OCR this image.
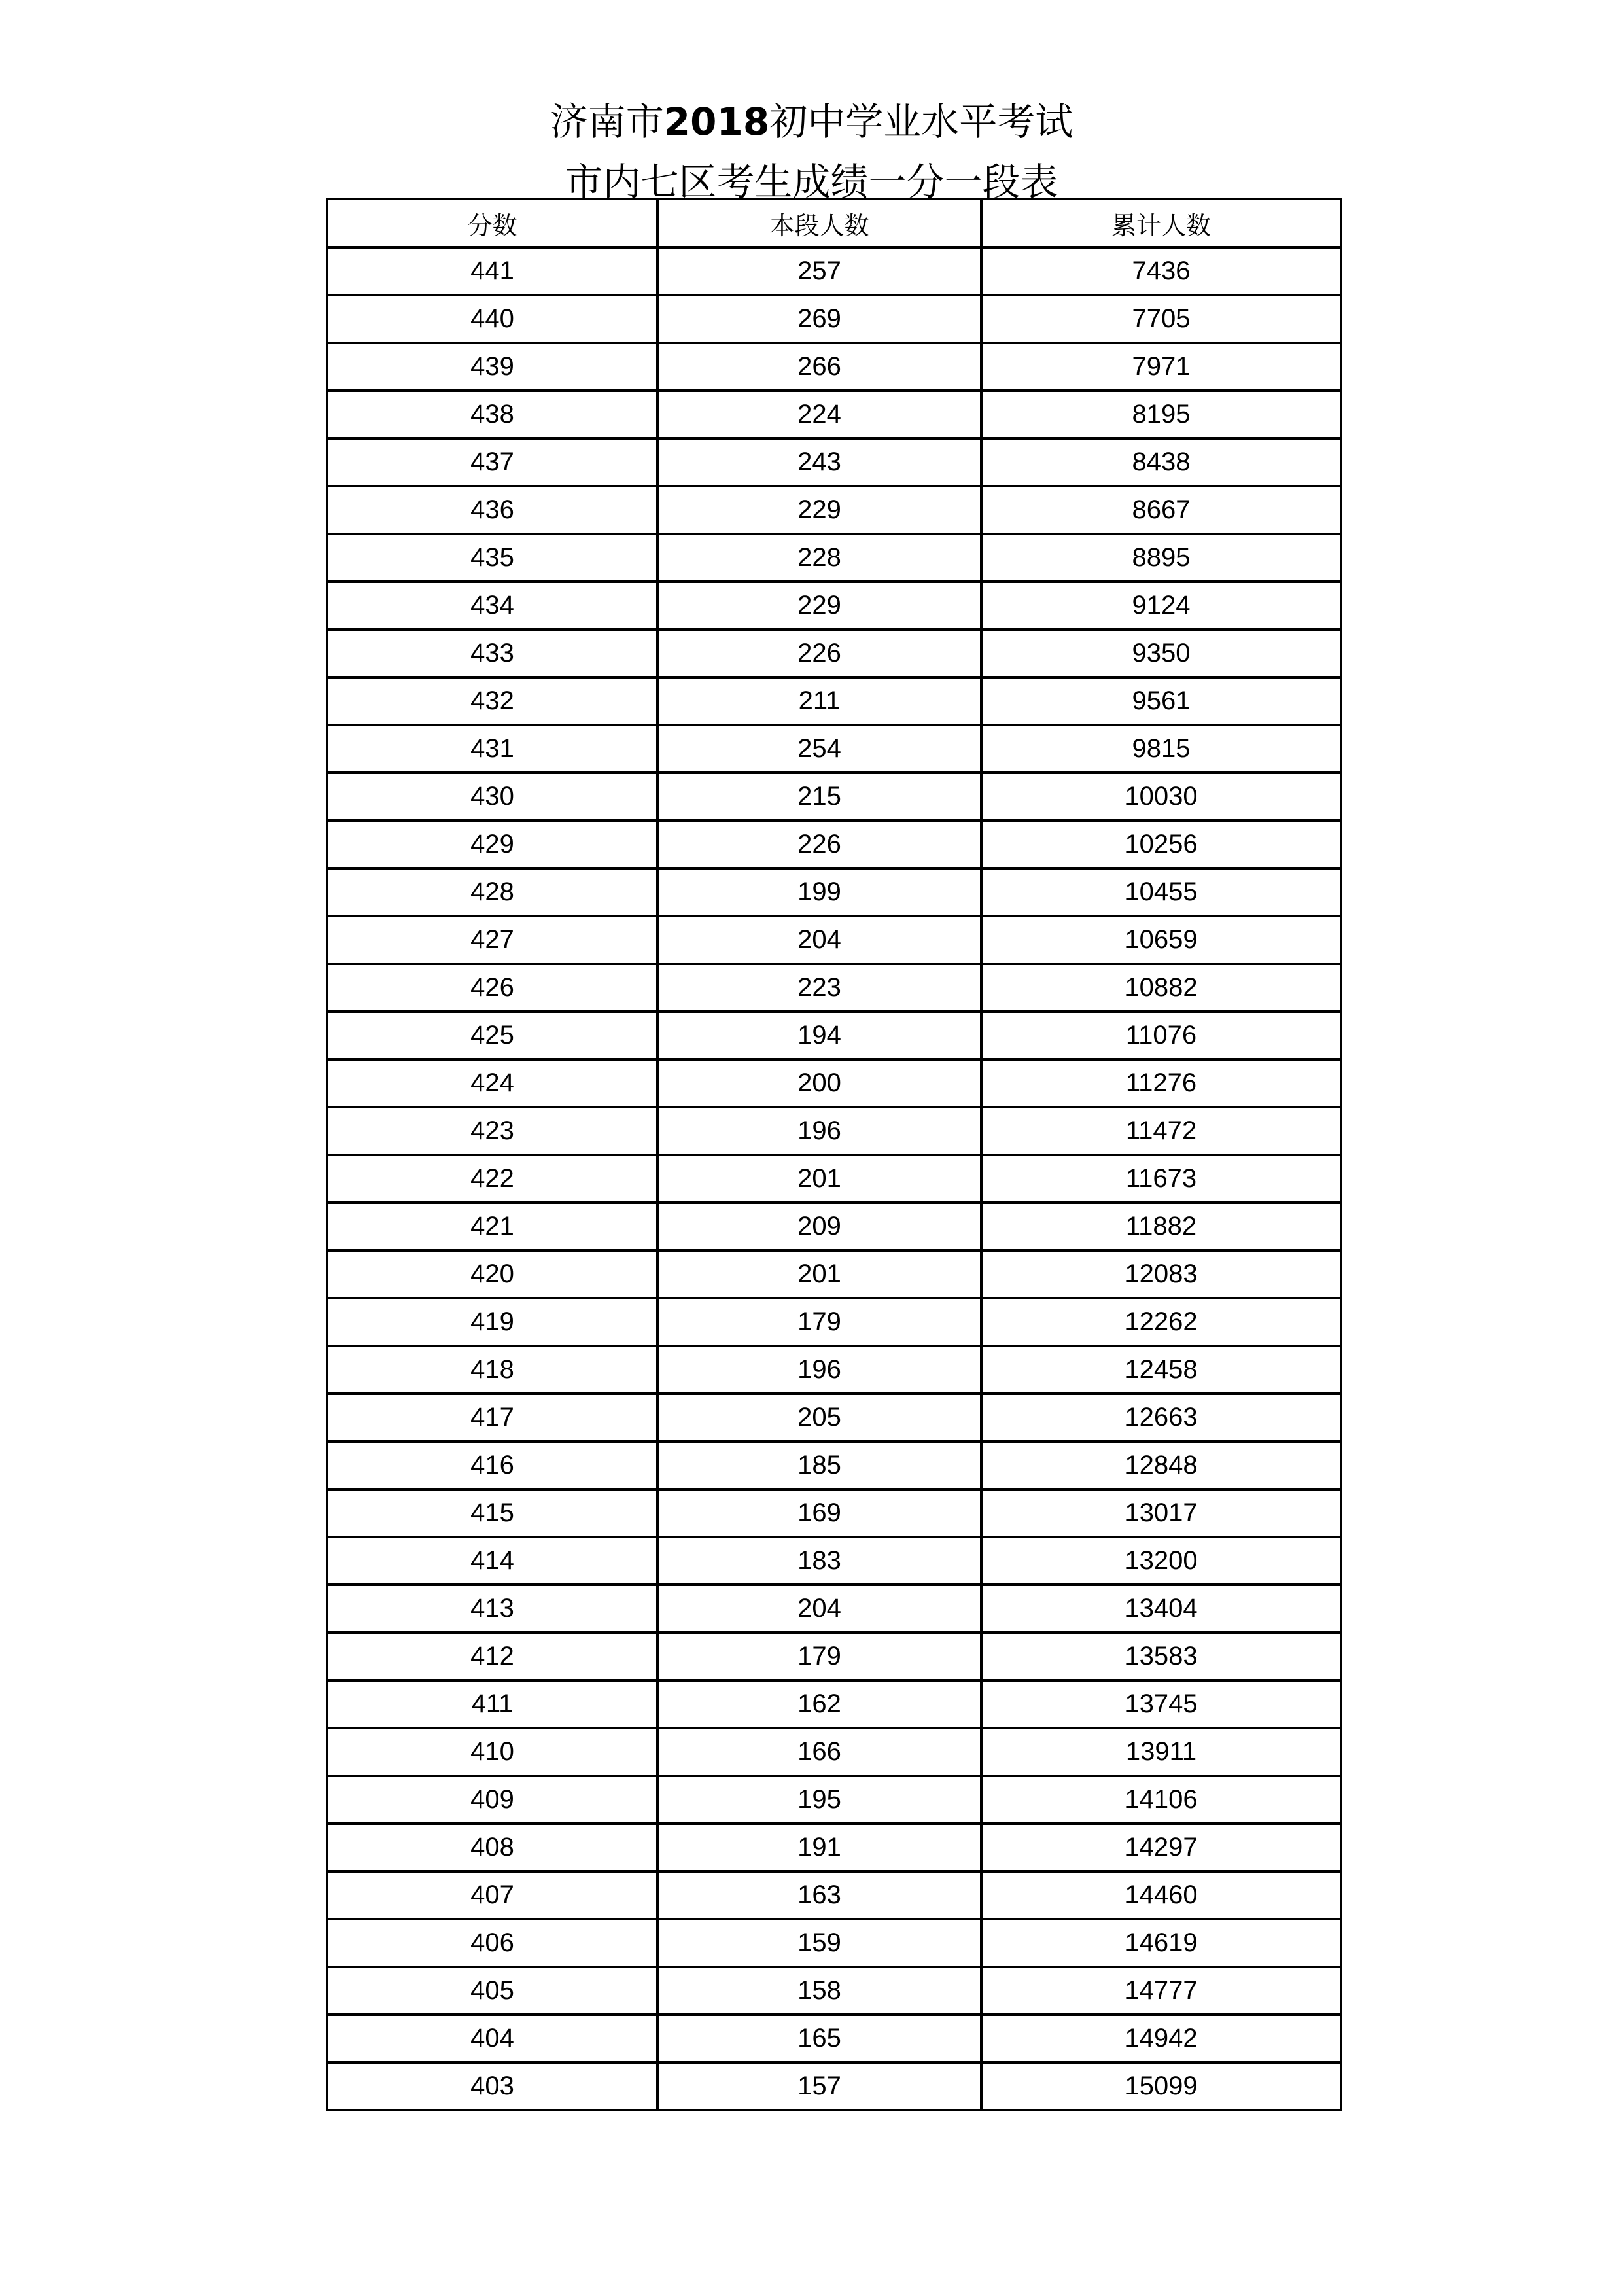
济南市2018初中学业水平考试
市内七区考生成绩一分一段表
分数	本段人数	累计人数
441	257	7436
440	269	7705
439	266	7971
438	224	8195
437	243	8438
436	229	8667
435	228	8895
434	229	9124
433	226	9350
432	211	9561
431	254	9815
430	215	10030
429	226	10256
428	199	10455
427	204	10659
426	223	10882
425	194	11076
424	200	11276
423	196	11472
422	201	11673
421	209	11882
420	201	12083
419	179	12262
418	196	12458
417	205	12663
416	185	12848
415	169	13017
414	183	13200
413	204	13404
412	179	13583
411	162	13745
410	166	13911
409	195	14106
408	191	14297
407	163	14460
406	159	14619
405	158	14777
404	165	14942
403	157	15099
